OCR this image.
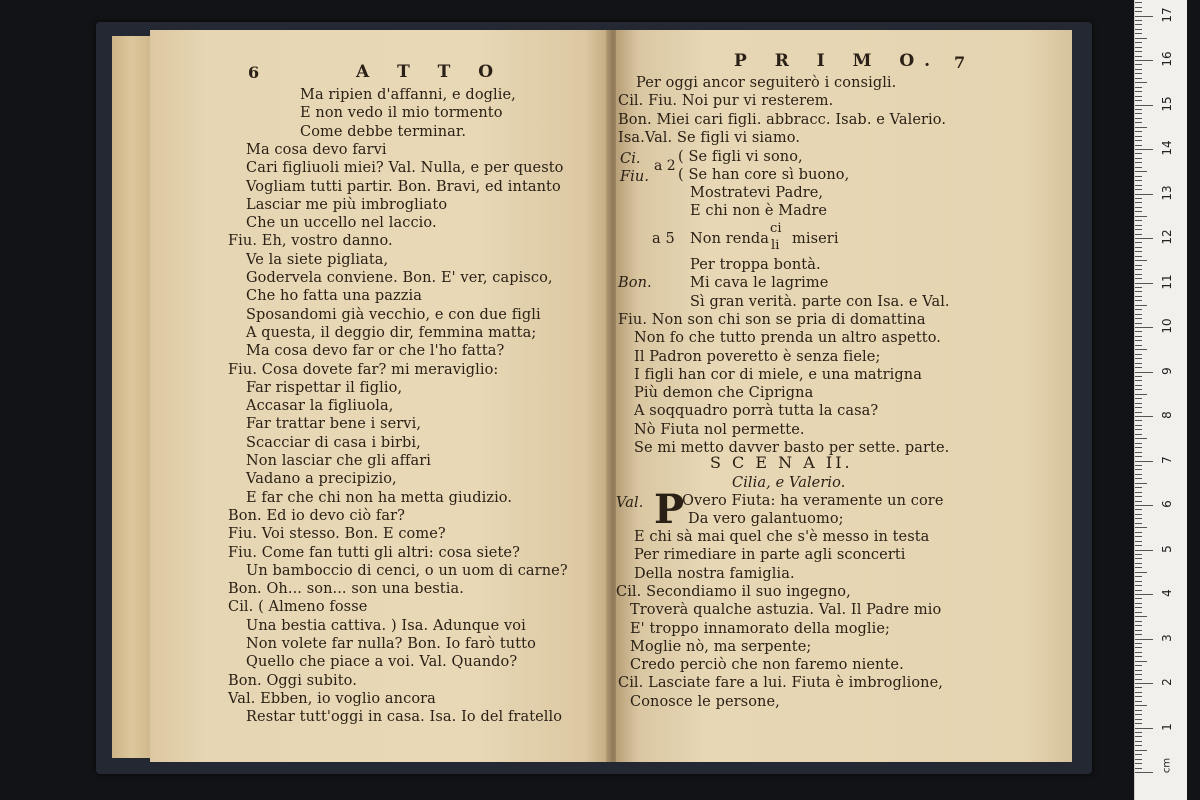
6	A T T O
Ma ripien d'affanni, e doglie,
E non vedo il mio tormento
Come debbe terminar.
Ma cosa devo farvi
Cari figliuoli miei? Val. Nulla, e per questo
Vogliam tutti partir. Bon. Bravi, ed intanto
Lasciar me più imbrogliato
Che un uccello nel laccio.
Fiu. Eh, vostro danno.
Ve la siete pigliata,
Godervela conviene. Bon. E' ver, capisco,
Che ho fatta una pazzia
Sposandomi già vecchio, e con due figli
A questa, il deggio dir, femmina matta;
Ma cosa devo far or che l'ho fatta?
Fiu. Cosa dovete far? mi meraviglio:
Far rispettar il figlio,
Accasar la figliuola,
Far trattar bene i servi,
Scacciar di casa i birbi,
Non lasciar che gli affari
Vadano a precipizio,
E far che chi non ha metta giudizio.
Bon. Ed io devo ciò far?
Fiu. Voi stesso. Bon. E come?
Fiu. Come fan tutti gli altri: cosa siete?
Un bamboccio di cenci, o un uom di carne?
Bon. Oh... son... son una bestia.
Cil. ( Almeno fosse
Una bestia cattiva. ) Isa. Adunque voi
Non volete far nulla? Bon. Io farò tutto
Quello che piace a voi. Val. Quando?
Bon. Oggi subito.
Val. Ebben, io voglio ancora
Restar tutt'oggi in casa. Isa. Io del fratello
P R I M O. 7
Per oggi ancor seguiterò i consigli.
Cil. Fiu. Noi pur vi resterem.
Bon. Miei cari figli. abbracc. Isab. e Valerio.
Isa.Val. Se figli vi siamo.
Ci.
Fiu.
a 2
( Se figli vi sono,
( Se han core sì buono,
Mostratevi Padre,
E chi non è Madre
a 5 Non renda
ci
li miseri
Bon.
Per troppa bontà.
Mi cava le lagrime
Sì gran verità. parte con Isa. e Val.
Fiu. Non son chi son se pria di domattina
Non fo che tutto prenda un altro aspetto.
Il Padron poveretto è senza fiele;
I figli han cor di miele, e una matrigna
Più demon che Ciprigna
A soqquadro porrà tutta la casa?
Nò Fiuta nol permette.
Se mi metto davver basto per sette. parte.
S C E N A II.
Cilia, e Valerio.
Val. P
Overo Fiuta: ha veramente un core
Da vero galantuomo;
E chi sà mai quel che s'è messo in testa
Per rimediare in parte agli sconcerti
Della nostra famiglia.
Cil. Secondiamo il suo ingegno,
Troverà qualche astuzia. Val. Il Padre mio
E' troppo innamorato della moglie;
Moglie nò, ma serpente;
Credo perciò che non faremo niente.
Cil. Lasciate fare a lui. Fiuta è imbroglione,
Conosce le persone,
1
2
3
4
5
6
7
8
9
10
11
12
13
14
15
16
17
cm
